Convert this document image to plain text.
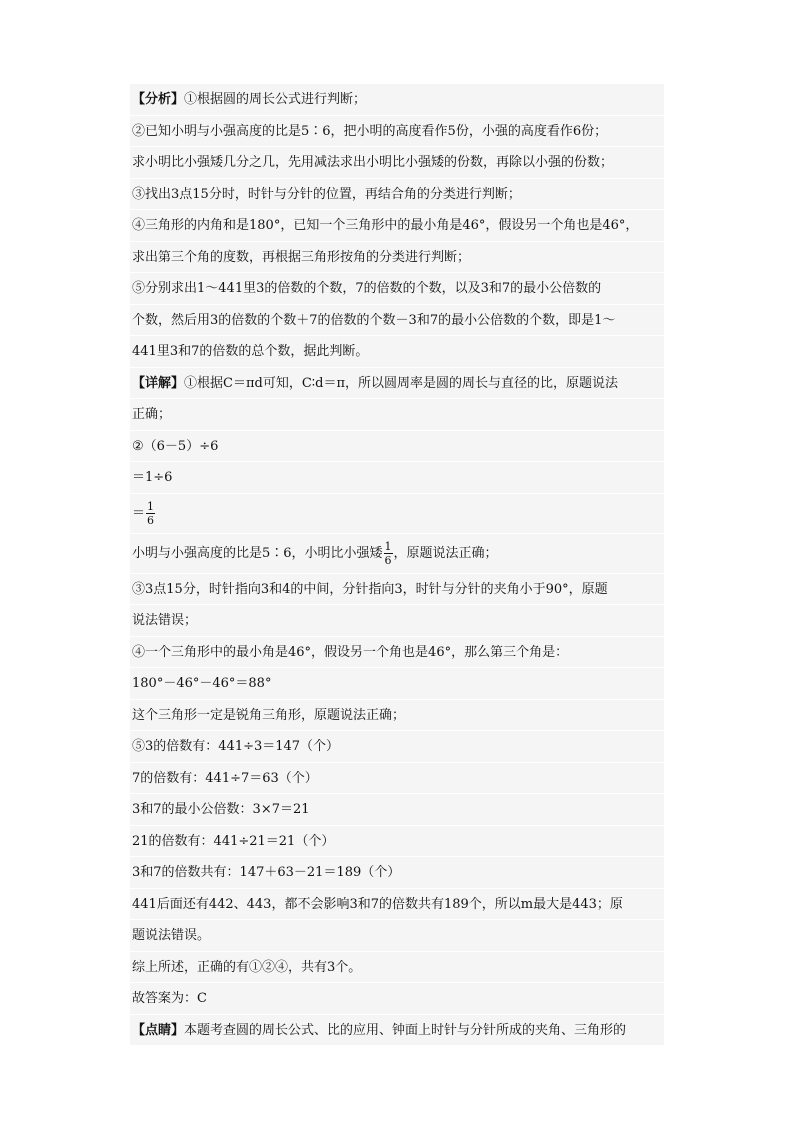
【分析】①根据圆的周长公式进行判断；
②已知小明与小强高度的比是5∶6，把小明的高度看作5份，小强的高度看作6份；
求小明比小强矮几分之几，先用减法求出小明比小强矮的份数，再除以小强的份数；
③找出3点15分时，时针与分针的位置，再结合角的分类进行判断；
④三角形的内角和是180°，已知一个三角形中的最小角是46°，假设另一个角也是46°，
求出第三个角的度数，再根据三角形按角的分类进行判断；
⑤分别求出1～441里3的倍数的个数，7的倍数的个数，以及3和7的最小公倍数的
个数，然后用3的倍数的个数＋7的倍数的个数－3和7的最小公倍数的个数，即是1～
441里3和7的倍数的总个数，据此判断。
【详解】①根据C＝πd可知，C∶d＝π，所以圆周率是圆的周长与直径的比，原题说法
正确；
②（6－5）÷6
＝1÷6
＝ $\frac{1}{6}$
小明与小强高度的比是5∶6，小明比小强矮 $\frac{1}{6}$ ，原题说法正确；
③3点15分，时针指向3和4的中间，分针指向3，时针与分针的夹角小于90°，原题
说法错误；
④一个三角形中的最小角是46°，假设另一个角也是46°，那么第三个角是：
180°－46°－46°＝88°
这个三角形一定是锐角三角形，原题说法正确；
⑤3的倍数有：441÷3＝147（个）
7的倍数有：441÷7＝63（个）
3和7的最小公倍数：3×7＝21
21的倍数有：441÷21＝21（个）
3和7的倍数共有：147＋63－21＝189（个）
441后面还有442、443，都不会影响3和7的倍数共有189个，所以m最大是443；原
题说法错误。
综上所述，正确的有①②④，共有3个。
故答案为：C
【点睛】本题考查圆的周长公式、比的应用、钟面上时针与分针所成的夹角、三角形的
